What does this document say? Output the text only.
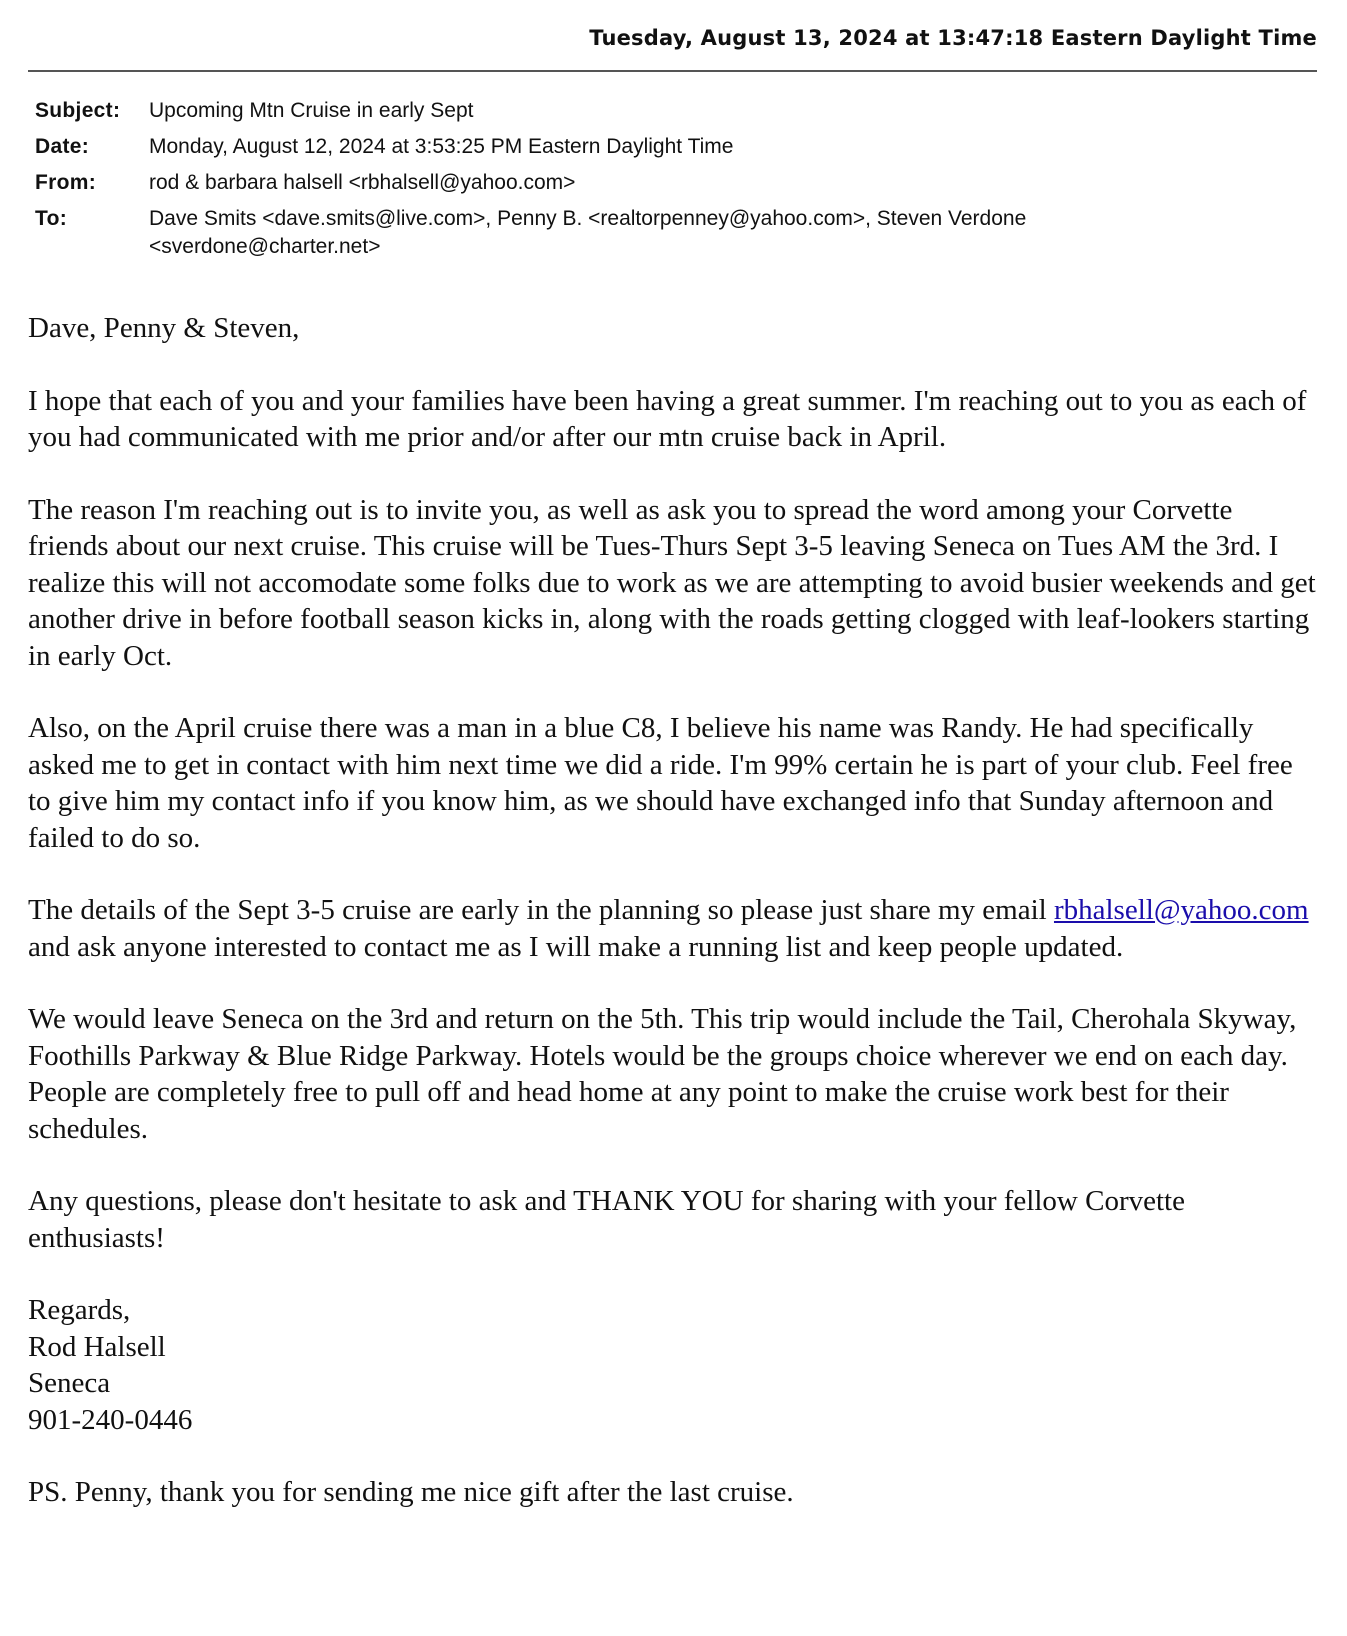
Tuesday, August 13, 2024 at 13:47:18 Eastern Daylight Time
Subject:	Upcoming Mtn Cruise in early Sept
Date:	Monday, August 12, 2024 at 3:53:25 PM Eastern Daylight Time
From:	rod & barbara halsell <rbhalsell@yahoo.com>
To:	Dave Smits <dave.smits@live.com>, Penny B. <realtorpenney@yahoo.com>, Steven Verdone <sverdone@charter.net>

Dave, Penny & Steven,

I hope that each of you and your families have been having a great summer. I'm reaching out to you as each of you had communicated with me prior and/or after our mtn cruise back in April.

The reason I'm reaching out is to invite you, as well as ask you to spread the word among your Corvette friends about our next cruise. This cruise will be Tues-Thurs Sept 3-5 leaving Seneca on Tues AM the 3rd. I realize this will not accomodate some folks due to work as we are attempting to avoid busier weekends and get another drive in before football season kicks in, along with the roads getting clogged with leaf-lookers starting in early Oct.

Also, on the April cruise there was a man in a blue C8, I believe his name was Randy. He had specifically asked me to get in contact with him next time we did a ride. I'm 99% certain he is part of your club. Feel free to give him my contact info if you know him, as we should have exchanged info that Sunday afternoon and failed to do so.

The details of the Sept 3-5 cruise are early in the planning so please just share my email rbhalsell@yahoo.com and ask anyone interested to contact me as I will make a running list and keep people updated.

We would leave Seneca on the 3rd and return on the 5th. This trip would include the Tail, Cherohala Skyway, Foothills Parkway & Blue Ridge Parkway. Hotels would be the groups choice wherever we end on each day. People are completely free to pull off and head home at any point to make the cruise work best for their schedules.

Any questions, please don't hesitate to ask and THANK YOU for sharing with your fellow Corvette enthusiasts!

Regards,
Rod Halsell
Seneca
901-240-0446

PS. Penny, thank you for sending me nice gift after the last cruise.
